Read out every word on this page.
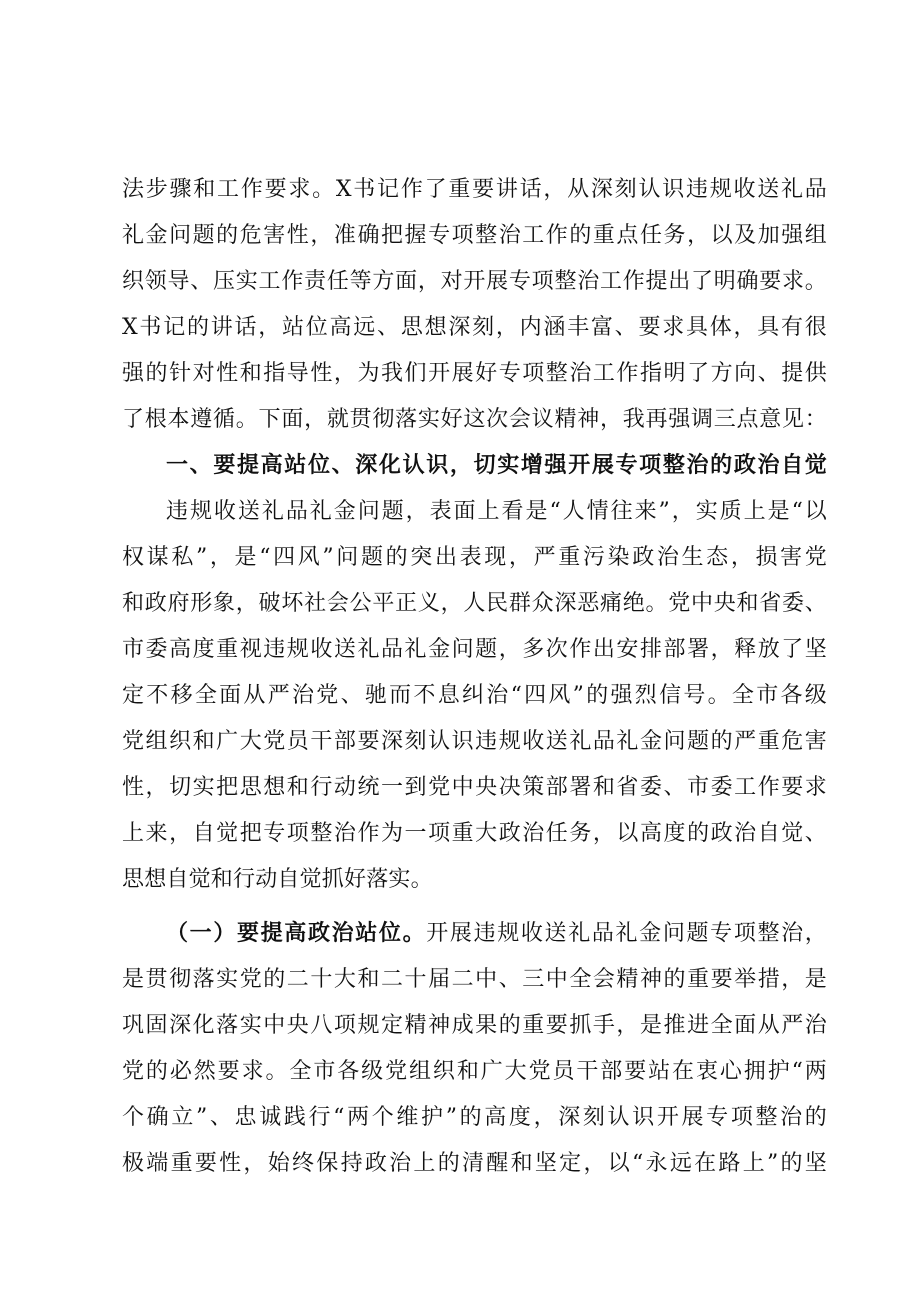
法步骤和工作要求。X书记作了重要讲话，从深刻认识违规收送礼品
礼金问题的危害性，准确把握专项整治工作的重点任务，以及加强组
织领导、压实工作责任等方面，对开展专项整治工作提出了明确要求。
X书记的讲话，站位高远、思想深刻，内涵丰富、要求具体，具有很
强的针对性和指导性，为我们开展好专项整治工作指明了方向、提供
了根本遵循。下面，就贯彻落实好这次会议精神，我再强调三点意见：
一、要提高站位、深化认识，切实增强开展专项整治的政治自觉
违规收送礼品礼金问题，表面上看是“人情往来”，实质上是“以
权谋私”，是“四风”问题的突出表现，严重污染政治生态，损害党
和政府形象，破坏社会公平正义，人民群众深恶痛绝。党中央和省委、
市委高度重视违规收送礼品礼金问题，多次作出安排部署，释放了坚
定不移全面从严治党、驰而不息纠治“四风”的强烈信号。全市各级
党组织和广大党员干部要深刻认识违规收送礼品礼金问题的严重危害
性，切实把思想和行动统一到党中央决策部署和省委、市委工作要求
上来，自觉把专项整治作为一项重大政治任务，以高度的政治自觉、
思想自觉和行动自觉抓好落实。
（一）要提高政治站位。开展违规收送礼品礼金问题专项整治，
是贯彻落实党的二十大和二十届二中、三中全会精神的重要举措，是
巩固深化落实中央八项规定精神成果的重要抓手，是推进全面从严治
党的必然要求。全市各级党组织和广大党员干部要站在衷心拥护“两
个确立”、忠诚践行“两个维护”的高度，深刻认识开展专项整治的
极端重要性，始终保持政治上的清醒和坚定，以“永远在路上”的坚
